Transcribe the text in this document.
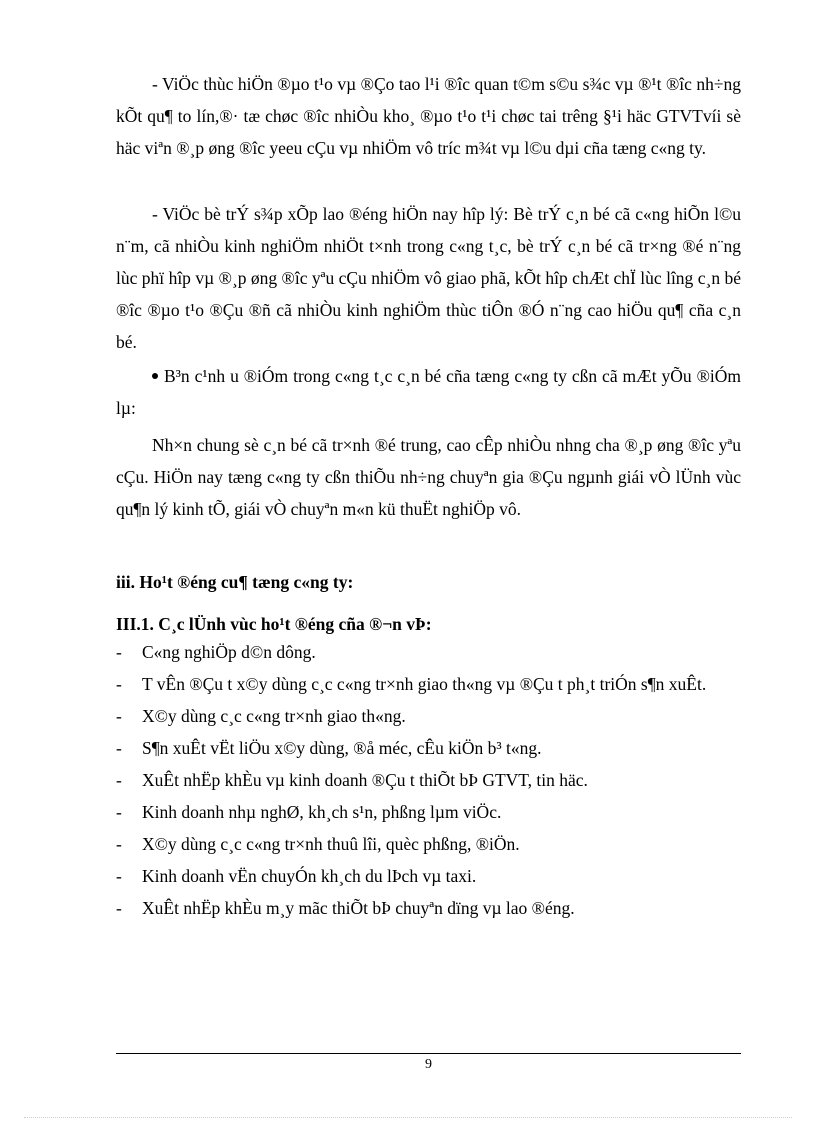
- ViÖc thùc hiÖn ®µo t¹o vµ ®Ço tao l¹i ®îc quan t©m s©u s¾c vµ ®¹t ®îc nh÷ng kÕt qu¶ to lín,®· tæ chøc ®îc nhiÒu kho¸ ®µo t¹o t¹i chøc tai trêng §¹i häc GTVTvíi sè häc viªn ®¸p øng ®îc yeeu cÇu vµ nhiÖm vô tríc m¾t vµ l©u dµi cña tæng c«ng ty.

- ViÖc bè trÝ s¾p xÕp lao ®éng hiÖn nay hîp lý: Bè trÝ c¸n bé cã c«ng hiÕn l©u n¨m, cã nhiÒu kinh nghiÖm nhiÖt t×nh trong c«ng t¸c, bè trÝ c¸n bé cã tr×ng ®é n¨ng lùc phï hîp vµ ®¸p øng ®îc yªu cÇu nhiÖm vô giao phã, kÕt hîp chÆt chÏ lùc lîng c¸n bé ®îc ®µo t¹o ®Çu ®ñ cã nhiÒu kinh nghiÖm thùc tiÔn ®Ó n¨ng cao hiÖu qu¶ cña c¸n bé.

B³n c¹nh u ®iÓm trong c«ng t¸c c¸n bé cña tæng c«ng ty cßn cã mÆt yÕu ®iÓm lµ:

Nh×n chung sè c¸n bé cã tr×nh ®é trung, cao cÊp nhiÒu nhng cha ®¸p øng ®îc yªu cÇu. HiÖn nay tæng c«ng ty cßn thiÕu nh÷ng chuyªn gia ®Çu ngµnh giái vÒ lÜnh vùc qu¶n lý kinh tÕ, giái vÒ chuyªn m«n kü thuËt nghiÖp vô.

iii. Ho¹t ®éng cu¶ tæng c«ng ty:
III.1. C¸c lÜnh vùc ho¹t ®éng cña ®¬n vÞ:
- C«ng nghiÖp d©n dông.
- T vÊn ®Çu t x©y dùng c¸c c«ng tr×nh giao th«ng vµ ®Çu t ph¸t triÓn s¶n xuÊt.
- X©y dùng c¸c c«ng tr×nh giao th«ng.
- S¶n xuÊt vËt liÖu x©y dùng, ®å méc, cÊu kiÖn b³ t«ng.
- XuÊt nhËp khÈu vµ kinh doanh ®Çu t thiÕt bÞ GTVT, tin häc.
- Kinh doanh nhµ nghØ, kh¸ch s¹n, phßng lµm viÖc.
- X©y dùng c¸c c«ng tr×nh thuû lîi, quèc phßng, ®iÖn.
- Kinh doanh vËn chuyÓn kh¸ch du lÞch vµ taxi.
- XuÊt nhËp khÈu m¸y mãc thiÕt bÞ chuyªn dïng vµ lao ®éng.
9
